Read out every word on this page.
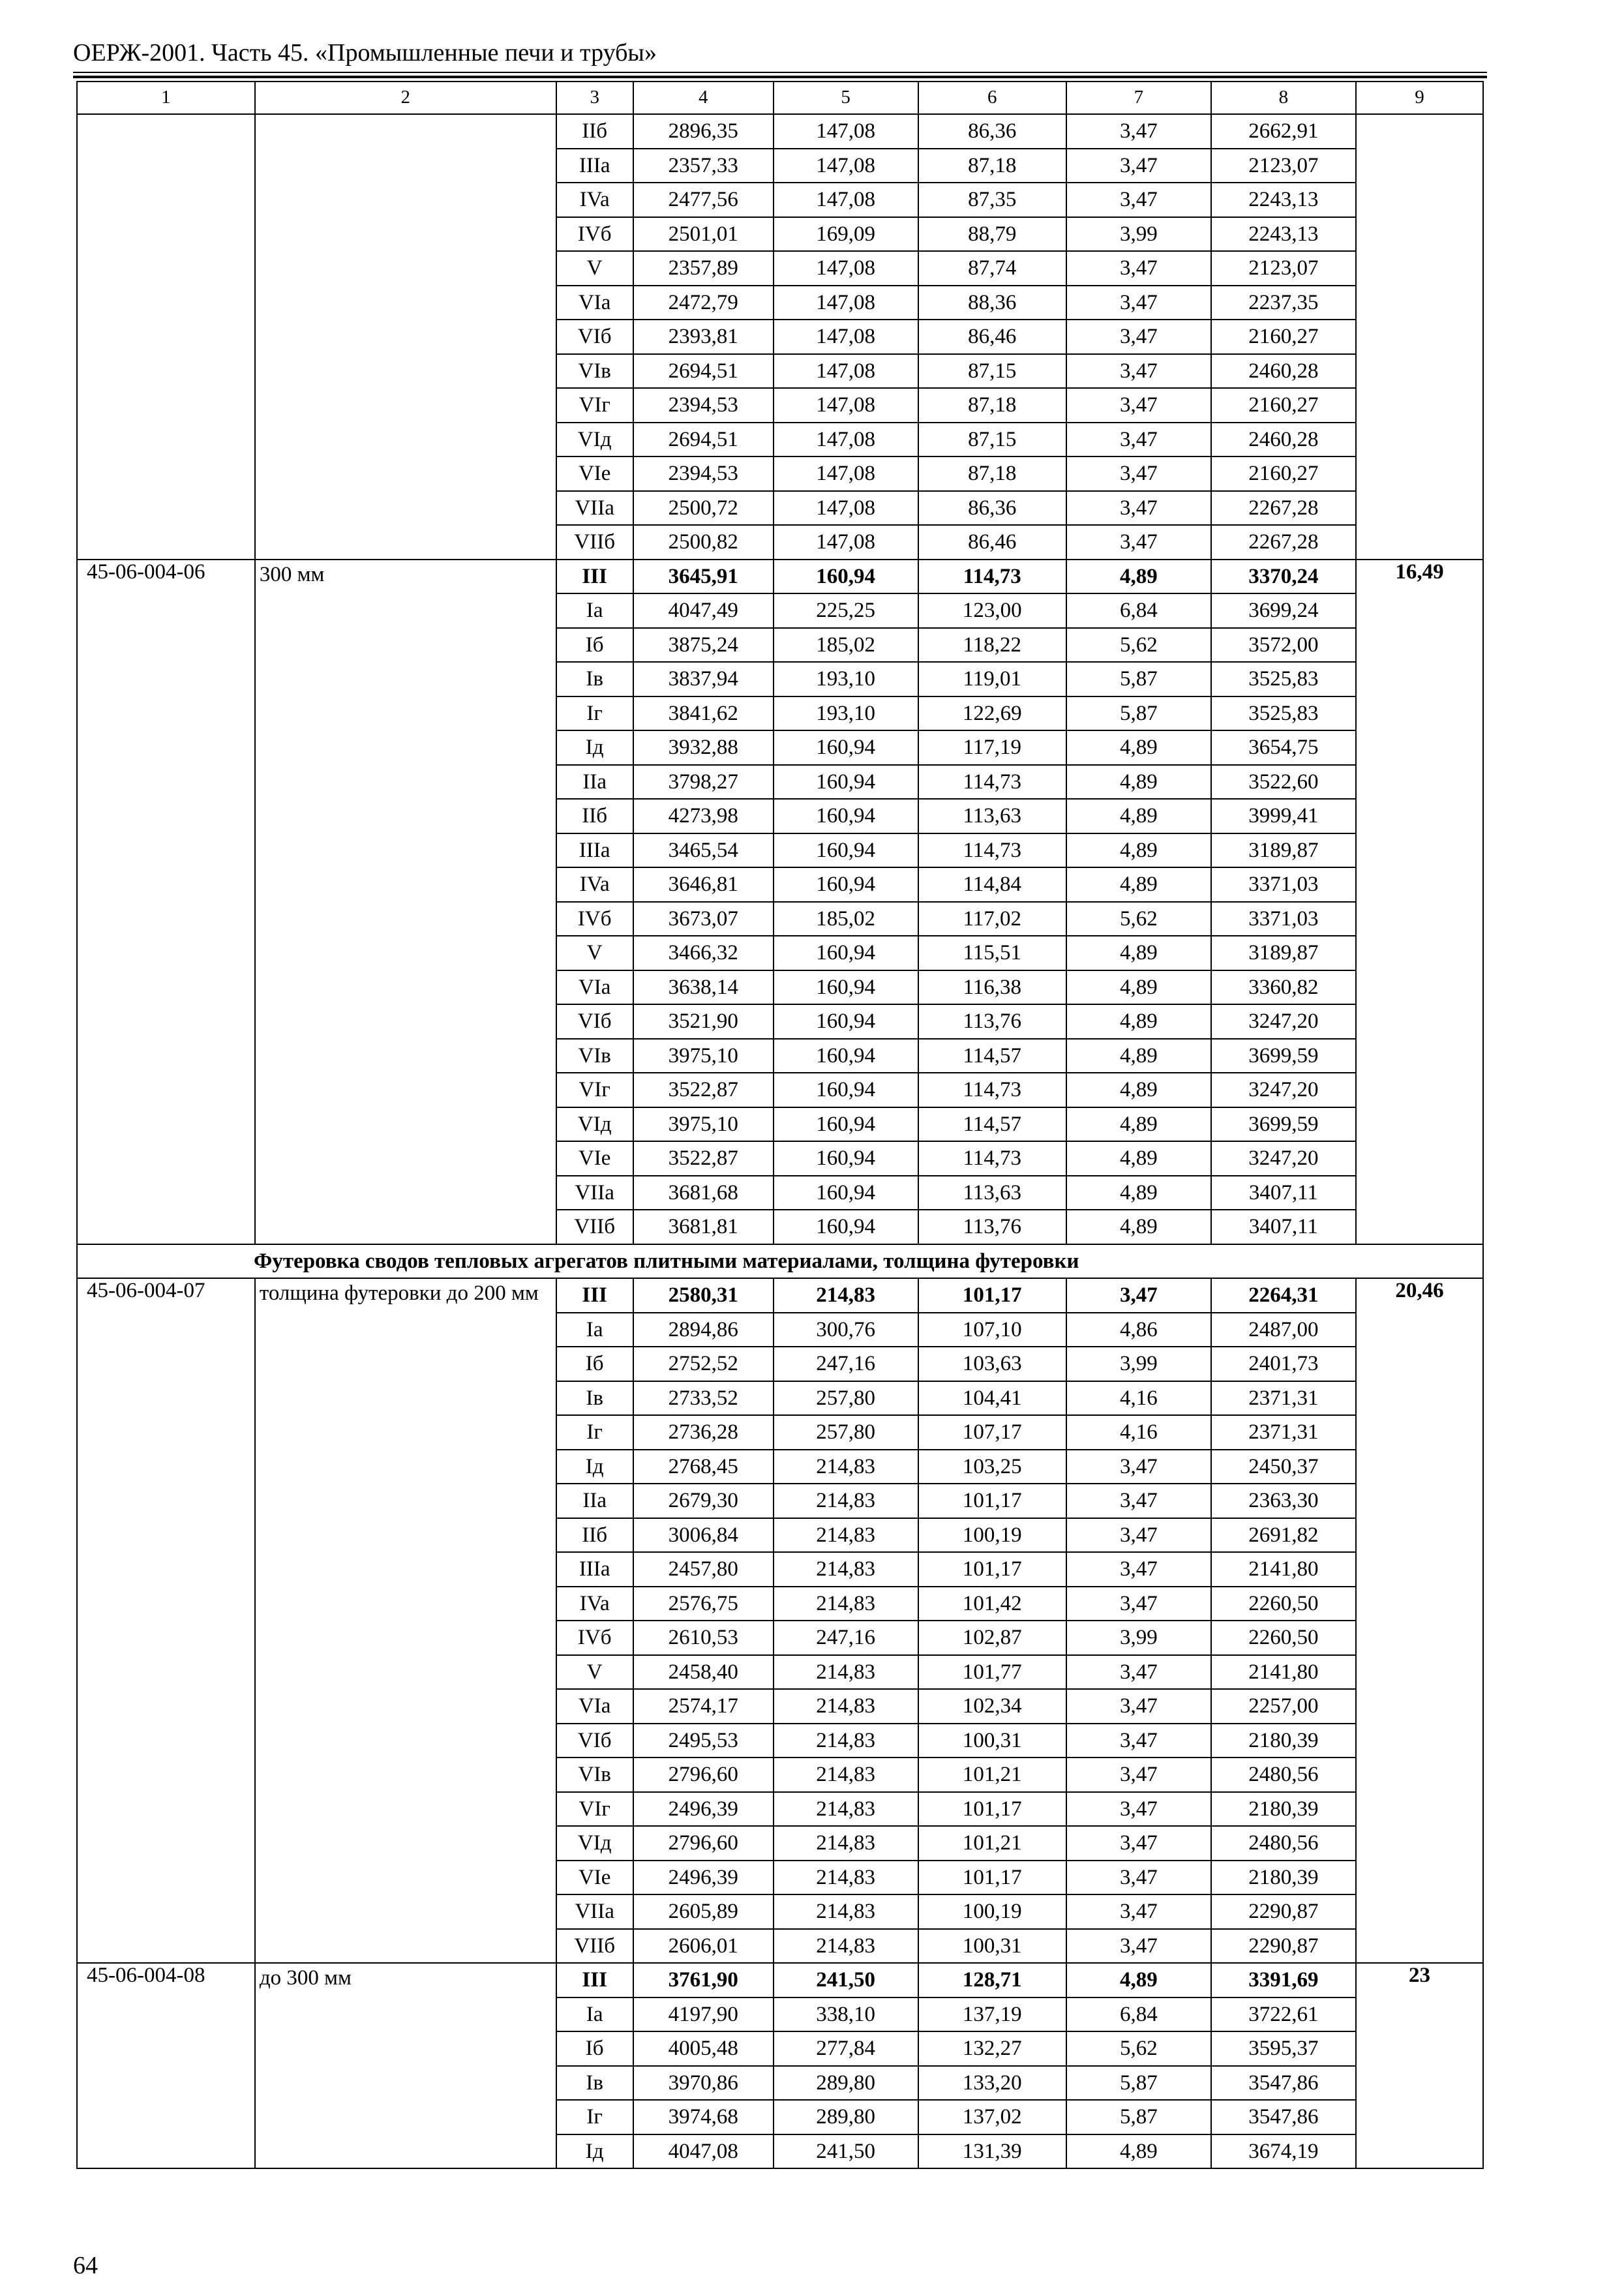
ОЕРЖ-2001. Часть 45. «Промышленные печи и трубы»
1	2	3	4	5	6	7	8	9
		IIб	2896,35	147,08	86,36	3,47	2662,91	
		IIIa	2357,33	147,08	87,18	3,47	2123,07	
		IVa	2477,56	147,08	87,35	3,47	2243,13	
		IVб	2501,01	169,09	88,79	3,99	2243,13	
		V	2357,89	147,08	87,74	3,47	2123,07	
		VIa	2472,79	147,08	88,36	3,47	2237,35	
		VIб	2393,81	147,08	86,46	3,47	2160,27	
		VIв	2694,51	147,08	87,15	3,47	2460,28	
		VIг	2394,53	147,08	87,18	3,47	2160,27	
		VIд	2694,51	147,08	87,15	3,47	2460,28	
		VIe	2394,53	147,08	87,18	3,47	2160,27	
		VIIa	2500,72	147,08	86,36	3,47	2267,28	
		VIIб	2500,82	147,08	86,46	3,47	2267,28	
45-06-004-06	300 мм	III	3645,91	160,94	114,73	4,89	3370,24	16,49
		Ia	4047,49	225,25	123,00	6,84	3699,24	
		Iб	3875,24	185,02	118,22	5,62	3572,00	
		Iв	3837,94	193,10	119,01	5,87	3525,83	
		Iг	3841,62	193,10	122,69	5,87	3525,83	
		Iд	3932,88	160,94	117,19	4,89	3654,75	
		IIa	3798,27	160,94	114,73	4,89	3522,60	
		IIб	4273,98	160,94	113,63	4,89	3999,41	
		IIIa	3465,54	160,94	114,73	4,89	3189,87	
		IVa	3646,81	160,94	114,84	4,89	3371,03	
		IVб	3673,07	185,02	117,02	5,62	3371,03	
		V	3466,32	160,94	115,51	4,89	3189,87	
		VIa	3638,14	160,94	116,38	4,89	3360,82	
		VIб	3521,90	160,94	113,76	4,89	3247,20	
		VIв	3975,10	160,94	114,57	4,89	3699,59	
		VIг	3522,87	160,94	114,73	4,89	3247,20	
		VIд	3975,10	160,94	114,57	4,89	3699,59	
		VIe	3522,87	160,94	114,73	4,89	3247,20	
		VIIa	3681,68	160,94	113,63	4,89	3407,11	
		VIIб	3681,81	160,94	113,76	4,89	3407,11	
Футеровка сводов тепловых агрегатов плитными материалами, толщина футеровки								
45-06-004-07	толщина футеровки до 200 мм	III	2580,31	214,83	101,17	3,47	2264,31	20,46
		Ia	2894,86	300,76	107,10	4,86	2487,00	
		Iб	2752,52	247,16	103,63	3,99	2401,73	
		Iв	2733,52	257,80	104,41	4,16	2371,31	
		Iг	2736,28	257,80	107,17	4,16	2371,31	
		Iд	2768,45	214,83	103,25	3,47	2450,37	
		IIa	2679,30	214,83	101,17	3,47	2363,30	
		IIб	3006,84	214,83	100,19	3,47	2691,82	
		IIIa	2457,80	214,83	101,17	3,47	2141,80	
		IVa	2576,75	214,83	101,42	3,47	2260,50	
		IVб	2610,53	247,16	102,87	3,99	2260,50	
		V	2458,40	214,83	101,77	3,47	2141,80	
		VIa	2574,17	214,83	102,34	3,47	2257,00	
		VIб	2495,53	214,83	100,31	3,47	2180,39	
		VIв	2796,60	214,83	101,21	3,47	2480,56	
		VIг	2496,39	214,83	101,17	3,47	2180,39	
		VIд	2796,60	214,83	101,21	3,47	2480,56	
		VIe	2496,39	214,83	101,17	3,47	2180,39	
		VIIa	2605,89	214,83	100,19	3,47	2290,87	
		VIIб	2606,01	214,83	100,31	3,47	2290,87	
45-06-004-08	до 300 мм	III	3761,90	241,50	128,71	4,89	3391,69	23
		Ia	4197,90	338,10	137,19	6,84	3722,61	
		Iб	4005,48	277,84	132,27	5,62	3595,37	
		Iв	3970,86	289,80	133,20	5,87	3547,86	
		Iг	3974,68	289,80	137,02	5,87	3547,86	
		Iд	4047,08	241,50	131,39	4,89	3674,19	
64
